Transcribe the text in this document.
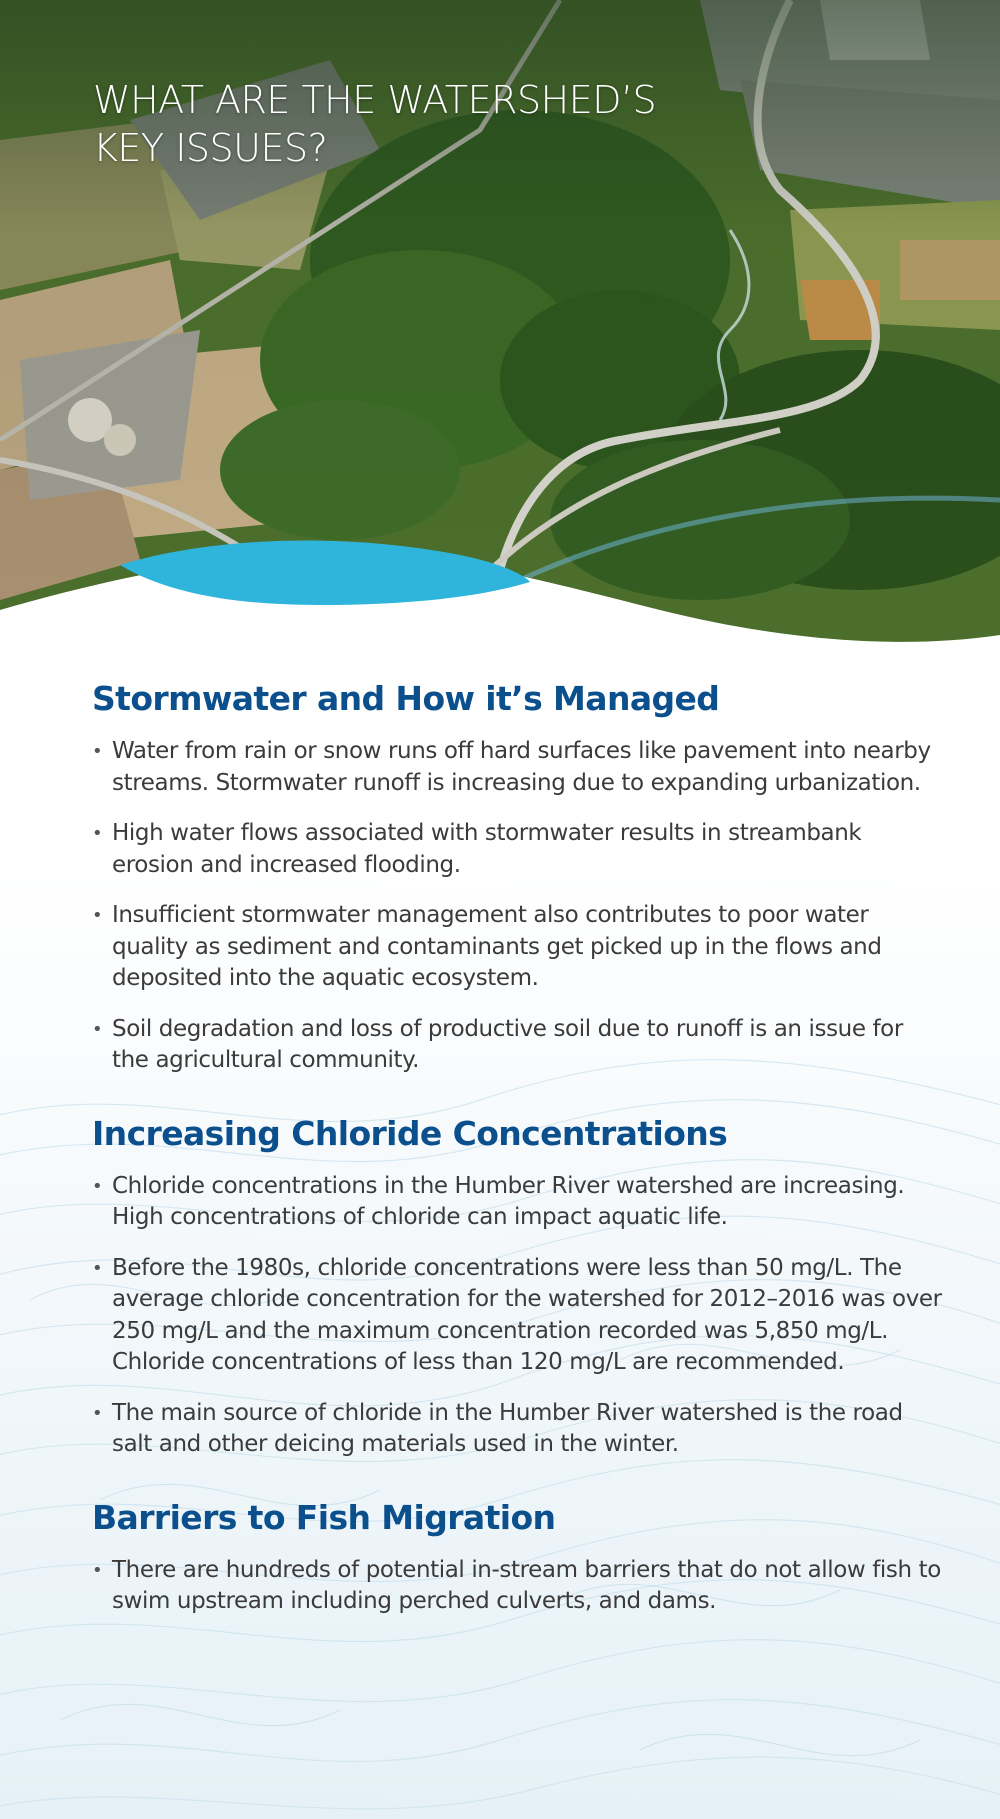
WHAT ARE THE WATERSHED’S KEY ISSUES?
Stormwater and How it’s Managed
• Water from rain or snow runs off hard surfaces like pavement into nearby streams. Stormwater runoff is increasing due to expanding urbanization.
• High water flows associated with stormwater results in streambank erosion and increased flooding.
• Insufficient stormwater management also contributes to poor water quality as sediment and contaminants get picked up in the flows and deposited into the aquatic ecosystem.
• Soil degradation and loss of productive soil due to runoff is an issue for the agricultural community.
Increasing Chloride Concentrations
• Chloride concentrations in the Humber River watershed are increasing. High concentrations of chloride can impact aquatic life.
• Before the 1980s, chloride concentrations were less than 50 mg/L. The average chloride concentration for the watershed for 2012–2016 was over 250 mg/L and the maximum concentration recorded was 5,850 mg/L. Chloride concentrations of less than 120 mg/L are recommended.
• The main source of chloride in the Humber River watershed is the road salt and other deicing materials used in the winter.
Barriers to Fish Migration
• There are hundreds of potential in-stream barriers that do not allow fish to swim upstream including perched culverts, and dams.
